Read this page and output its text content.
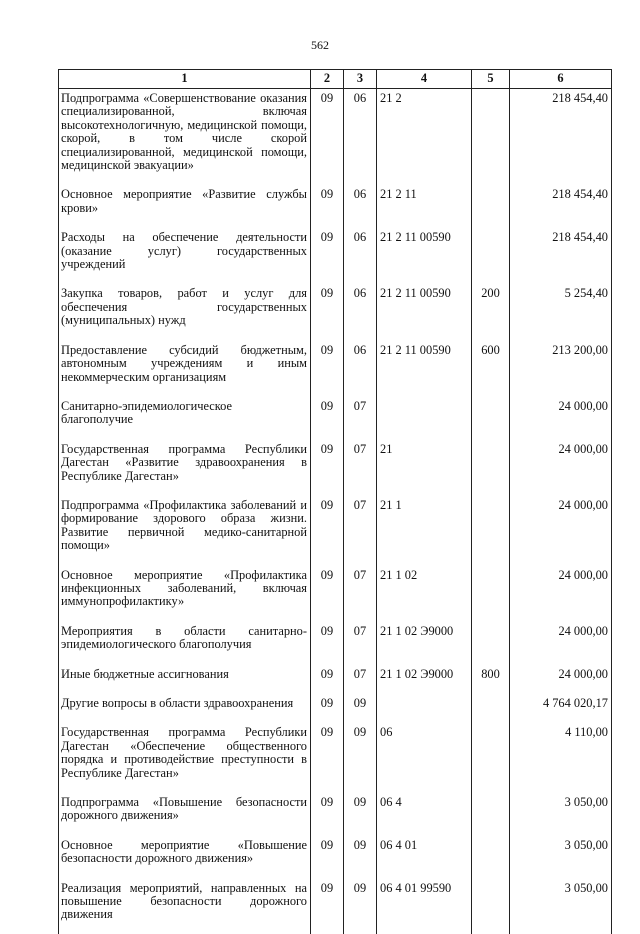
562
1	2	3	4	5	6
Подпрограмма «Совершенствование оказания специализированной, включая высокотехнологичную, медицинской помощи, скорой, в том числе скорой специализированной, медицинской помощи, медицинской эвакуации»	09	06	21 2		218 454,40
Основное мероприятие «Развитие службы крови»	09	06	21 2 11		218 454,40
Расходы на обеспечение деятельности (оказание услуг) государственных учреждений	09	06	21 2 11 00590		218 454,40
Закупка товаров, работ и услуг для обеспечения государственных (муниципальных) нужд	09	06	21 2 11 00590	200	5 254,40
Предоставление субсидий бюджетным, автономным учреждениям и иным некоммерческим организациям	09	06	21 2 11 00590	600	213 200,00
Санитарно-эпидемиологическое благополучие	09	07			24 000,00
Государственная программа Республики Дагестан «Развитие здравоохранения в Республике Дагестан»	09	07	21		24 000,00
Подпрограмма «Профилактика заболеваний и формирование здорового образа жизни. Развитие первичной медико-санитарной помощи»	09	07	21 1		24 000,00
Основное мероприятие «Профилактика инфекционных заболеваний, включая иммунопрофилактику»	09	07	21 1 02		24 000,00
Мероприятия в области санитарно-эпидемиологического благополучия	09	07	21 1 02 Э9000		24 000,00
Иные бюджетные ассигнования	09	07	21 1 02 Э9000	800	24 000,00
Другие вопросы в области здравоохранения	09	09			4 764 020,17
Государственная программа Республики Дагестан «Обеспечение общественного порядка и противодействие преступности в Республике Дагестан»	09	09	06		4 110,00
Подпрограмма «Повышение безопасности дорожного движения»	09	09	06 4		3 050,00
Основное мероприятие «Повышение безопасности дорожного движения»	09	09	06 4 01		3 050,00
Реализация мероприятий, направленных на повышение безопасности дорожного движения	09	09	06 4 01 99590		3 050,00
